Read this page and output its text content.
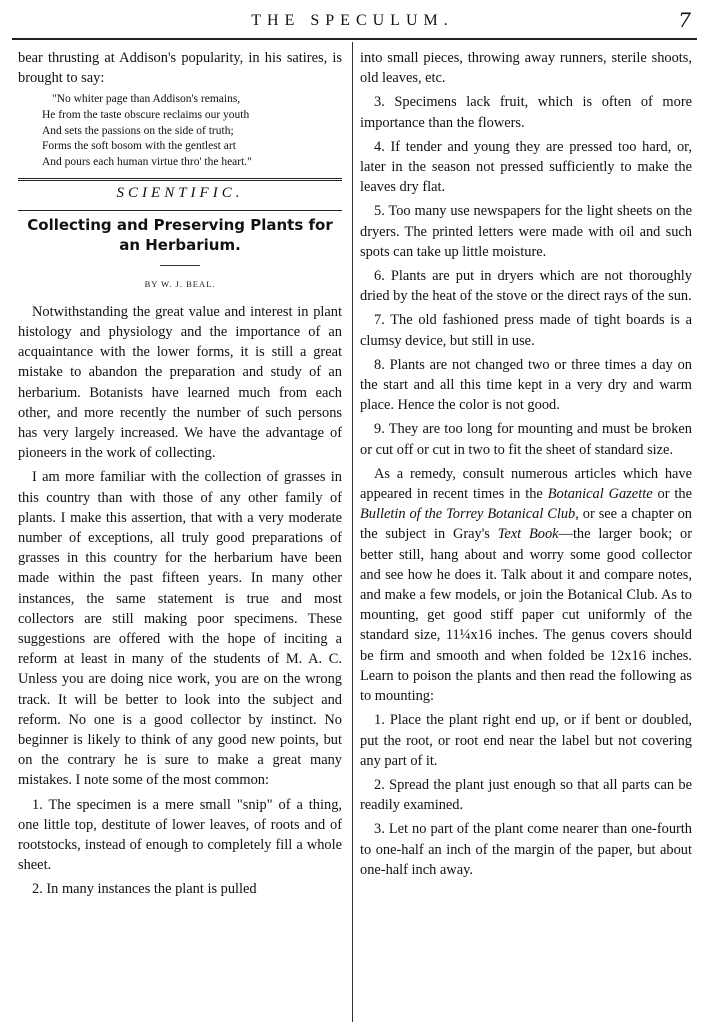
THE SPECULUM.	7

bear thrusting at Addison's popularity, in his satires, is brought to say:

"No whiter page than Addison's remains,
He from the taste obscure reclaims our youth
And sets the passions on the side of truth;
Forms the soft bosom with the gentlest art
And pours each human virtue thro' the heart."
SCIENTIFIC.
Collecting and Preserving Plants for an Herbarium.
BY W. J. BEAL.

Notwithstanding the great value and interest in plant histology and physiology and the importance of an acquaintance with the lower forms, it is still a great mistake to abandon the preparation and study of an herbarium. Botanists have learned much from each other, and more recently the number of such persons has very largely increased. We have the advantage of pioneers in the work of collecting.

I am more familiar with the collection of grasses in this country than with those of any other family of plants. I make this assertion, that with a very moderate number of exceptions, all truly good preparations of grasses in this country for the herbarium have been made within the past fifteen years. In many other instances, the same statement is true and most collectors are still making poor specimens. These suggestions are offered with the hope of inciting a reform at least in many of the students of M. A. C. Unless you are doing nice work, you are on the wrong track. It will be better to look into the subject and reform. No one is a good collector by instinct. No beginner is likely to think of any good new points, but on the contrary he is sure to make a great many mistakes. I note some of the most common:

1. The specimen is a mere small "snip" of a thing, one little top, destitute of lower leaves, of roots and of rootstocks, instead of enough to completely fill a whole sheet.

2. In many instances the plant is pulled

into small pieces, throwing away runners, sterile shoots, old leaves, etc.

3. Specimens lack fruit, which is often of more importance than the flowers.

4. If tender and young they are pressed too hard, or, later in the season not pressed sufficiently to make the leaves dry flat.

5. Too many use newspapers for the light sheets on the dryers. The printed letters were made with oil and such spots can take up little moisture.

6. Plants are put in dryers which are not thoroughly dried by the heat of the stove or the direct rays of the sun.

7. The old fashioned press made of tight boards is a clumsy device, but still in use.

8. Plants are not changed two or three times a day on the start and all this time kept in a very dry and warm place. Hence the color is not good.

9. They are too long for mounting and must be broken or cut off or cut in two to fit the sheet of standard size.

As a remedy, consult numerous articles which have appeared in recent times in the Botanical Gazette or the Bulletin of the Torrey Botanical Club, or see a chapter on the subject in Gray's Text Book—the larger book; or better still, hang about and worry some good collector and see how he does it. Talk about it and compare notes, and make a few models, or join the Botanical Club. As to mounting, get good stiff paper cut uniformly of the standard size, 11¼x16 inches. The genus covers should be firm and smooth and when folded be 12x16 inches. Learn to poison the plants and then read the following as to mounting:

1. Place the plant right end up, or if bent or doubled, put the root, or root end near the label but not covering any part of it.

2. Spread the plant just enough so that all parts can be readily examined.

3. Let no part of the plant come nearer than one-fourth to one-half an inch of the margin of the paper, but about one-half inch away.
